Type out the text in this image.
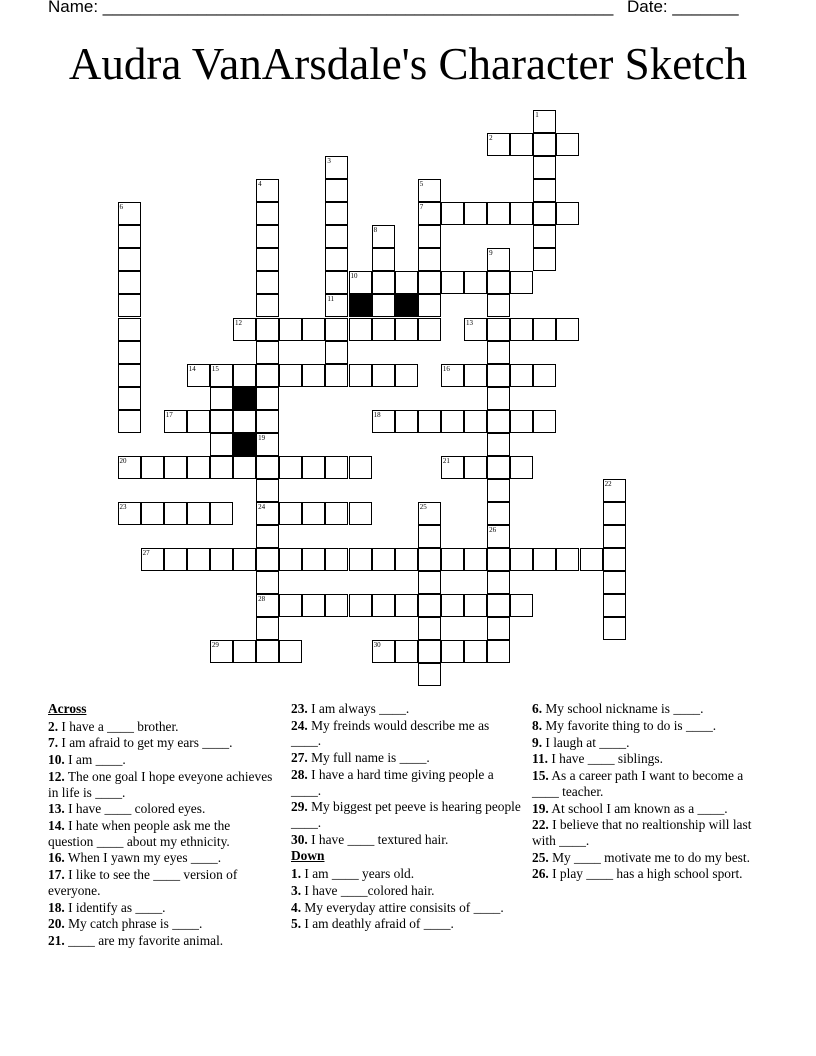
Name: ______________________________________________________ Date: _______
Audra VanArsdale's Character Sketch
2
7
10
11
12	13
14 15	16
17	18
19
20	21
23	24
27
28
29	30
1
3
4	5
6
8
9
22
25
26
Across
2. I have a ____ brother.
7. I am afraid to get my ears ____.
10. I am ____.
12. The one goal I hope eveyone achieves in life is ____.
13. I have ____ colored eyes.
14. I hate when people ask me the question ____ about my ethnicity.
16. When I yawn my eyes ____.
17. I like to see the ____ version of everyone.
18. I identify as ____.
20. My catch phrase is ____.
21. ____ are my favorite animal.
23. I am always ____.
24. My freinds would describe me as ____.
27. My full name is ____.
28. I have a hard time giving people a ____.
29. My biggest pet peeve is hearing people ____.
30. I have ____ textured hair.
Down
1. I am ____ years old.
3. I have ____colored hair.
4. My everyday attire consisits of ____.
5. I am deathly afraid of ____.
6. My school nickname is ____.
8. My favorite thing to do is ____.
9. I laugh at ____.
11. I have ____ siblings.
15. As a career path I want to become a ____ teacher.
19. At school I am known as a ____.
22. I believe that no realtionship will last with ____.
25. My ____ motivate me to do my best.
26. I play ____ has a high school sport.
